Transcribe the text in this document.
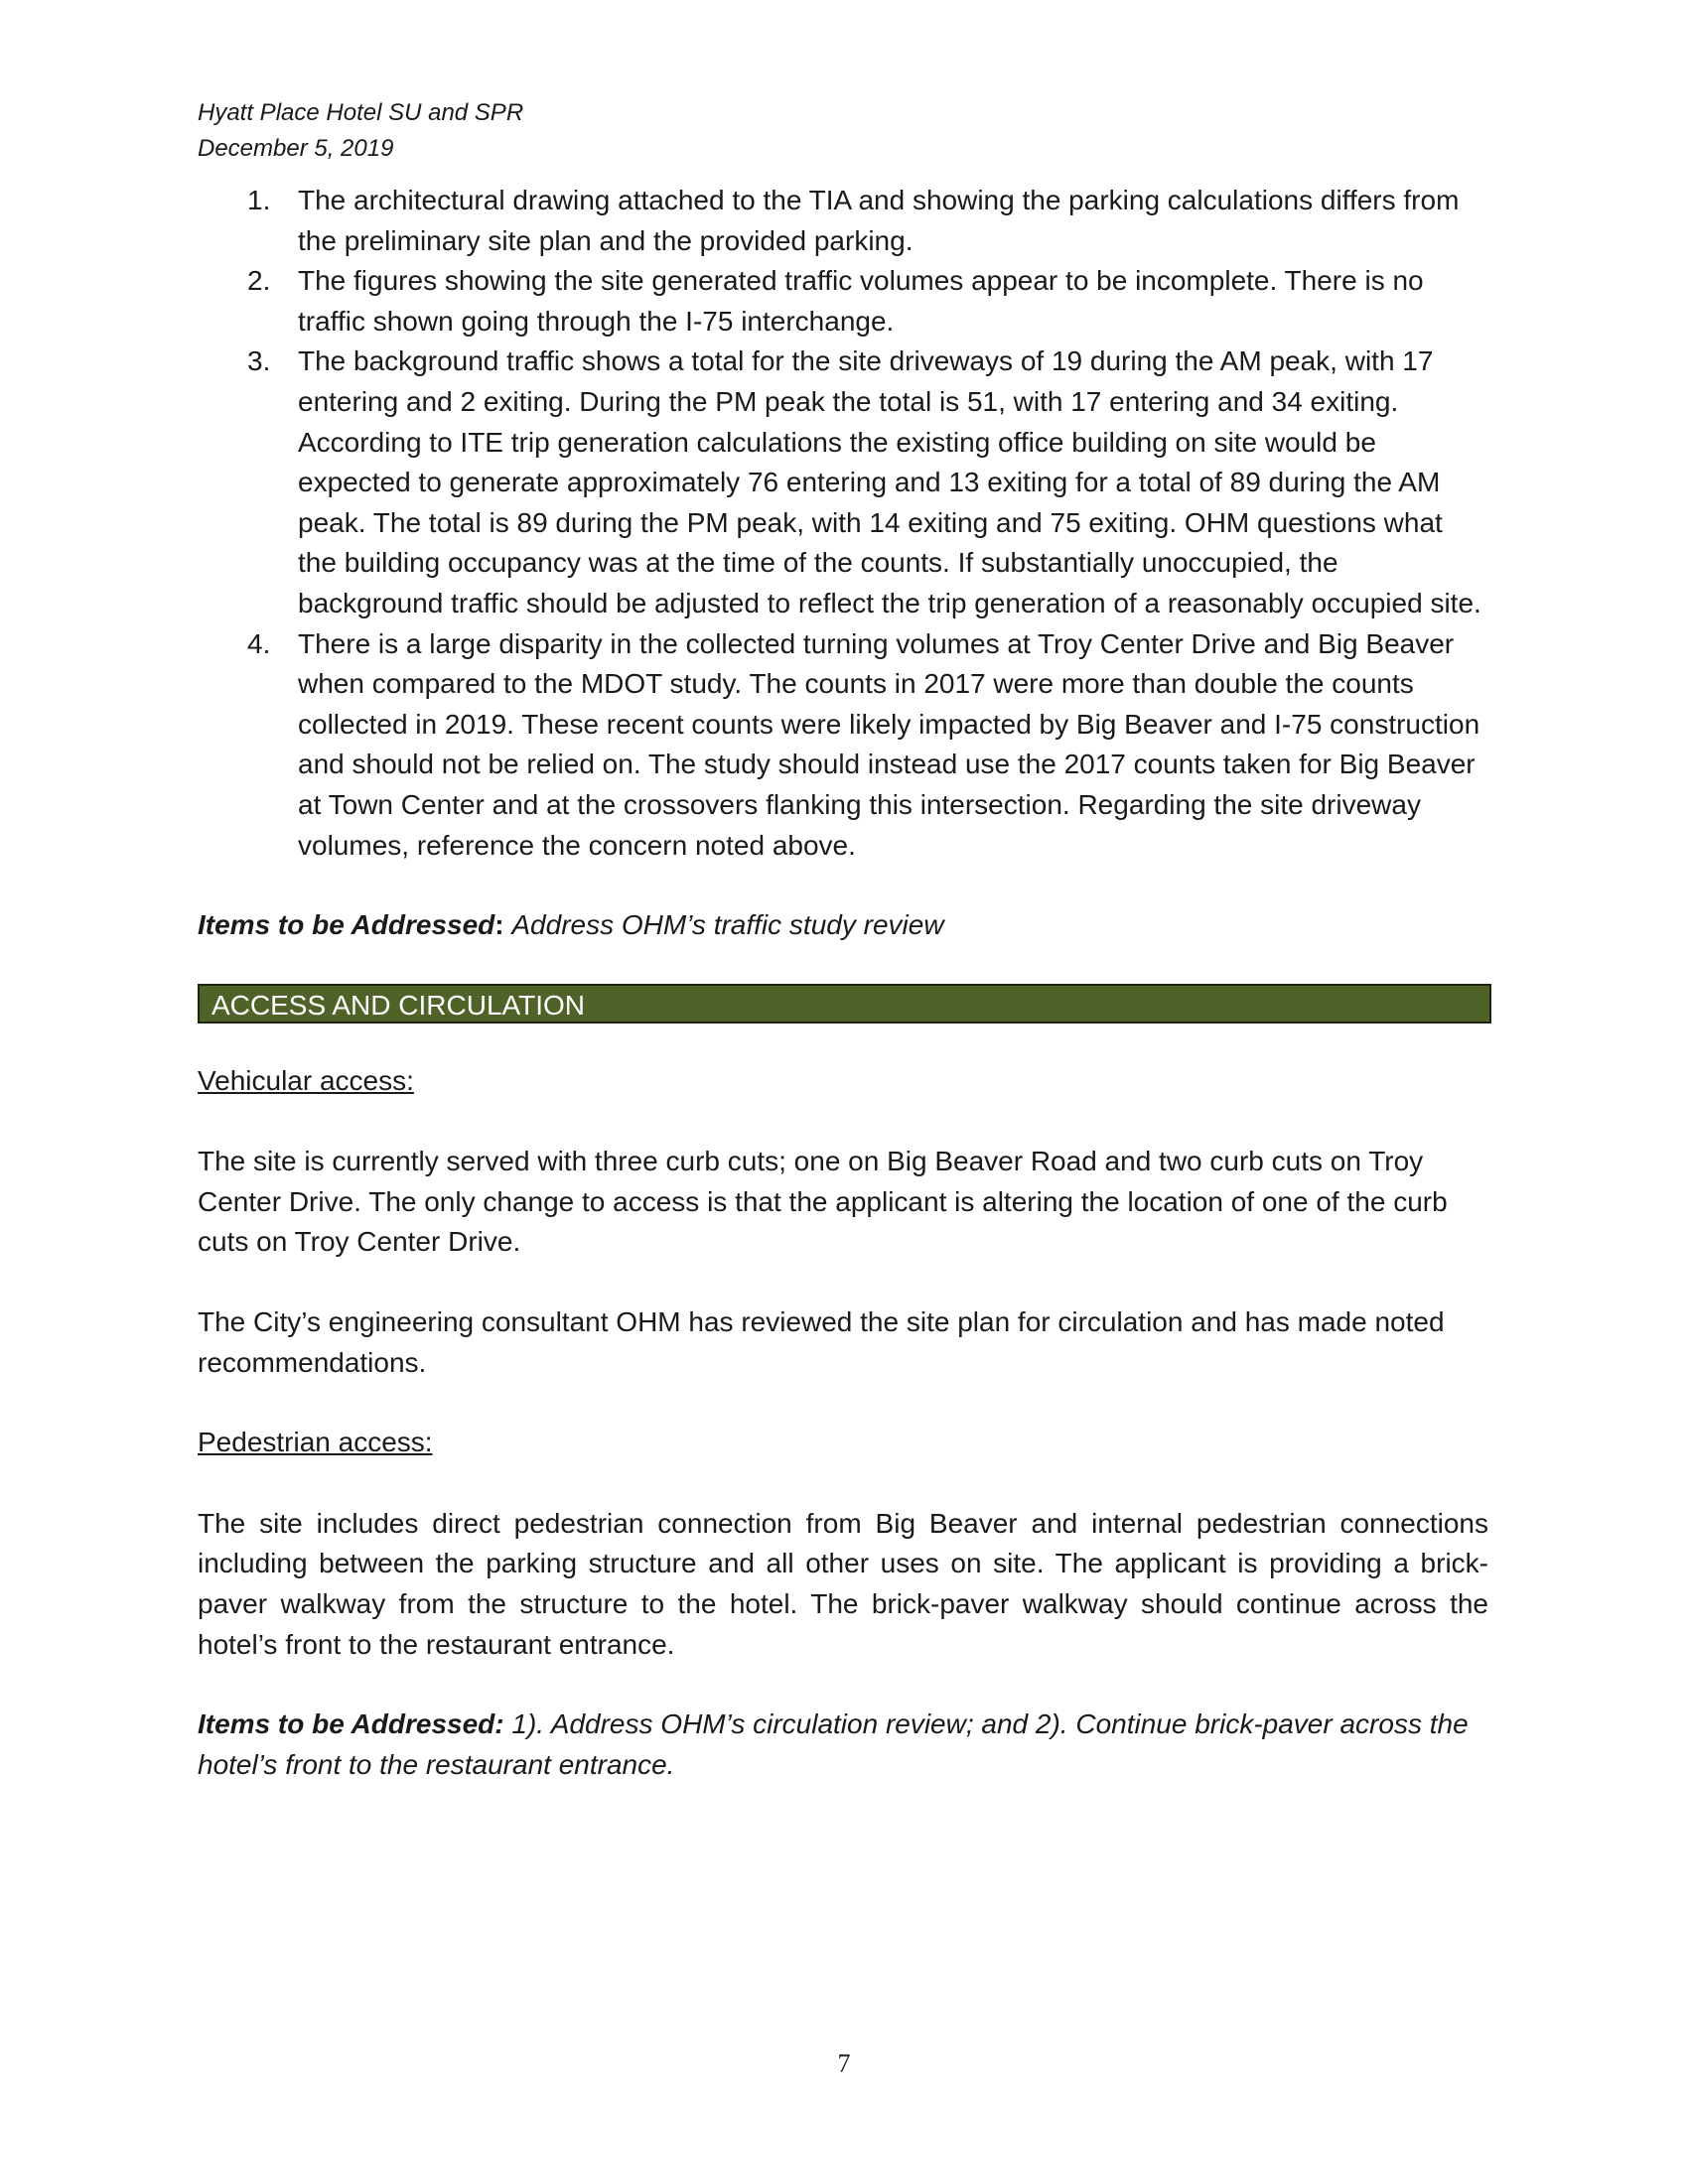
Hyatt Place Hotel SU and SPR

December 5, 2019

1. The architectural drawing attached to the TIA and showing the parking calculations differs from the preliminary site plan and the provided parking.
2. The figures showing the site generated traffic volumes appear to be incomplete. There is no traffic shown going through the I-75 interchange.
3. The background traffic shows a total for the site driveways of 19 during the AM peak, with 17 entering and 2 exiting. During the PM peak the total is 51, with 17 entering and 34 exiting. According to ITE trip generation calculations the existing office building on site would be expected to generate approximately 76 entering and 13 exiting for a total of 89 during the AM peak. The total is 89 during the PM peak, with 14 exiting and 75 exiting. OHM questions what the building occupancy was at the time of the counts. If substantially unoccupied, the background traffic should be adjusted to reflect the trip generation of a reasonably occupied site.
4. There is a large disparity in the collected turning volumes at Troy Center Drive and Big Beaver when compared to the MDOT study. The counts in 2017 were more than double the counts collected in 2019. These recent counts were likely impacted by Big Beaver and I-75 construction and should not be relied on. The study should instead use the 2017 counts taken for Big Beaver at Town Center and at the crossovers flanking this intersection. Regarding the site driveway volumes, reference the concern noted above.

Items to be Addressed: Address OHM’s traffic study review

ACCESS AND CIRCULATION

Vehicular access:

The site is currently served with three curb cuts; one on Big Beaver Road and two curb cuts on Troy Center Drive. The only change to access is that the applicant is altering the location of one of the curb cuts on Troy Center Drive.

The City’s engineering consultant OHM has reviewed the site plan for circulation and has made noted recommendations.

Pedestrian access:

The site includes direct pedestrian connection from Big Beaver and internal pedestrian connections including between the parking structure and all other uses on site. The applicant is providing a brick-paver walkway from the structure to the hotel. The brick-paver walkway should continue across the hotel’s front to the restaurant entrance.

Items to be Addressed: 1). Address OHM’s circulation review; and 2). Continue brick-paver across the hotel’s front to the restaurant entrance.

7
